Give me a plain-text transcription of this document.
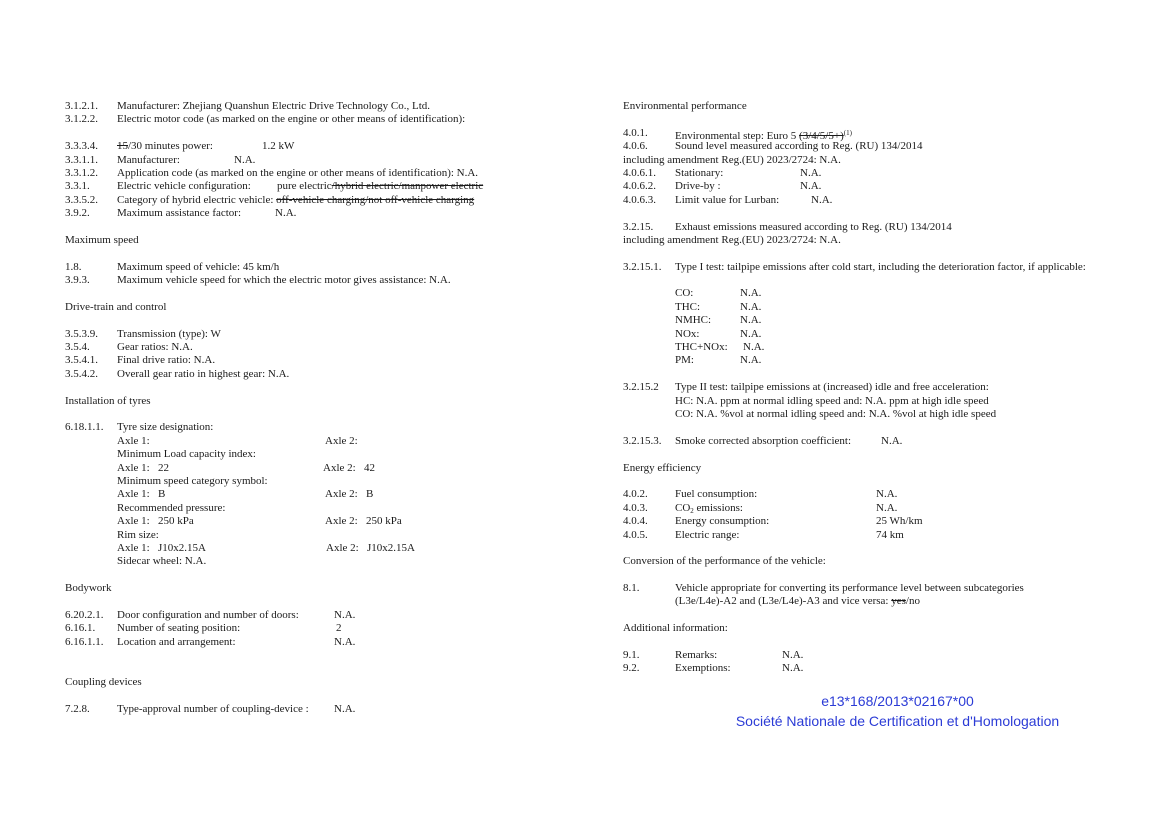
3.1.2.1. Manufacturer: Zhejiang Quanshun Electric Drive Technology Co., Ltd.
3.1.2.2. Electric motor code (as marked on the engine or other means of identification):
3.3.3.4. 15/30 minutes power:	1.2 kW
3.3.1.1. Manufacturer:	N.A.
3.3.1.2. Application code (as marked on the engine or other means of identification): N.A.
3.3.1. Electric vehicle configuration: pure electric/hybrid electric/manpower electric
3.3.5.2. Category of hybrid electric vehicle: off-vehicle charging/not off-vehicle charging
3.9.2. Maximum assistance factor:	N.A.
Maximum speed
1.8.	Maximum speed of vehicle: 45 km/h
3.9.3. Maximum vehicle speed for which the electric motor gives assistance: N.A.
Drive-train and control
3.5.3.9. Transmission (type): W
3.5.4. Gear ratios: N.A.
3.5.4.1. Final drive ratio: N.A.
3.5.4.2. Overall gear ratio in highest gear: N.A.
Installation of tyres
6.18.1.1. Tyre size designation:
Axle 1:	Axle 2:
Minimum Load capacity index:
Axle 1: 22	Axle 2: 42
Minimum speed category symbol:
Axle 1: B	Axle 2: B
Recommended pressure:
Axle 1: 250 kPa	Axle 2: 250 kPa
Rim size:
Axle 1: J10x2.15A	Axle 2: J10x2.15A
Sidecar wheel: N.A.
Bodywork
6.20.2.1. Door configuration and number of doors:	N.A.
6.16.1. Number of seating position:	2
6.16.1.1. Location and arrangement:	N.A.
Coupling devices
7.2.8. Type-approval number of coupling-device : N.A.
Environmental performance
4.0.1. Environmental step: Euro 5 $(3/4/5/5+)^{(1)}$
4.0.6. Sound level measured according to Reg. (RU) 134/2014
including amendment Reg.(EU) 2023/2724: N.A.
4.0.6.1. Stationary:	N.A.
4.0.6.2. Drive-by :	N.A.
4.0.6.3. Limit value for Lurban:	N.A.
3.2.15. Exhaust emissions measured according to Reg. (RU) 134/2014
including amendment Reg.(EU) 2023/2724: N.A.
3.2.15.1. Type I test: tailpipe emissions after cold start, including the deterioration factor, if applicable:
CO:	N.A.
THC:	N.A.
NMHC:	N.A.
NOx:	N.A.
THC+NOx: N.A.
PM:	N.A.
3.2.15.2 Type II test: tailpipe emissions at (increased) idle and free acceleration:
HC: N.A. ppm at normal idling speed and: N.A. ppm at high idle speed
CO: N.A. %vol at normal idling speed and: N.A. %vol at high idle speed
3.2.15.3. Smoke corrected absorption coefficient:	N.A.
Energy efficiency
4.0.2. Fuel consumption:	N.A.
4.0.3. $CO_2$ emissions:	N.A.
4.0.4. Energy consumption:	25 Wh/km
4.0.5. Electric range:	74 km
Conversion of the performance of the vehicle:
8.1.	Vehicle appropriate for converting its performance level between subcategories
(L3e/L4e)-A2 and (L3e/L4e)-A3 and vice versa: yes/no
Additional information:
9.1.	Remarks:	N.A.
9.2.	Exemptions:	N.A.
e13*168/2013*02167*00
Société Nationale de Certification et d'Homologation
